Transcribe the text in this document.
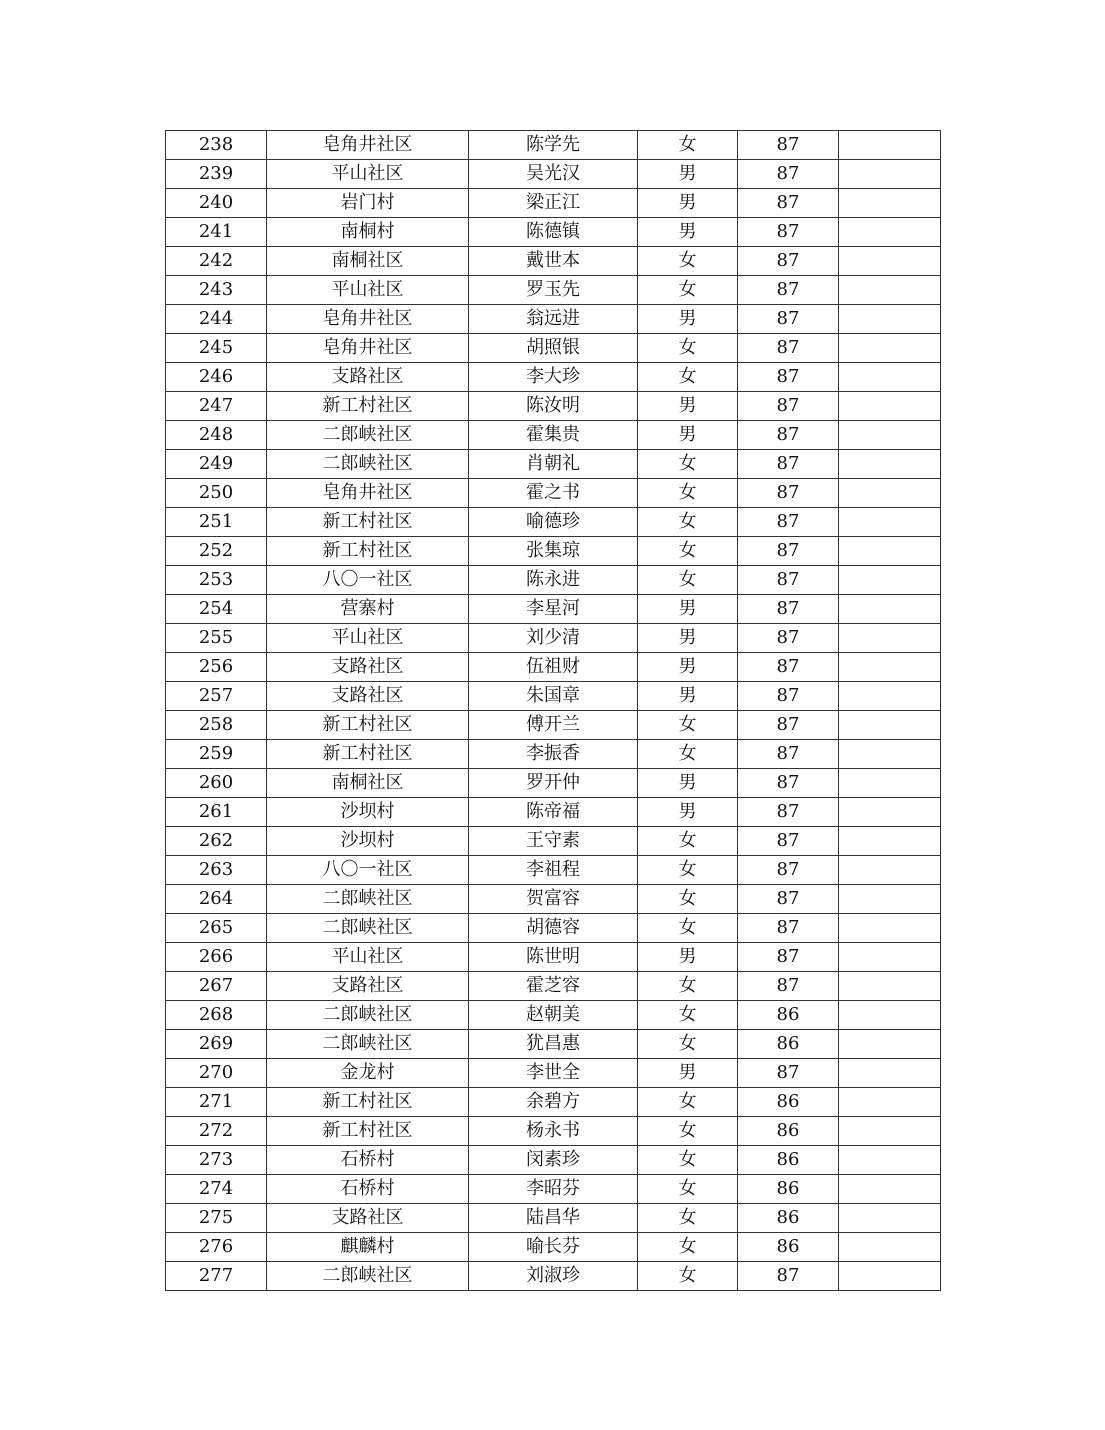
238	皂角井社区	陈学先	女	87	
239	平山社区	吴光汉	男	87	
240	岩门村	梁正江	男	87	
241	南桐村	陈德镇	男	87	
242	南桐社区	戴世本	女	87	
243	平山社区	罗玉先	女	87	
244	皂角井社区	翁远进	男	87	
245	皂角井社区	胡照银	女	87	
246	支路社区	李大珍	女	87	
247	新工村社区	陈汝明	男	87	
248	二郎峡社区	霍集贵	男	87	
249	二郎峡社区	肖朝礼	女	87	
250	皂角井社区	霍之书	女	87	
251	新工村社区	喻德珍	女	87	
252	新工村社区	张集琼	女	87	
253	八〇一社区	陈永进	女	87	
254	营寨村	李星河	男	87	
255	平山社区	刘少清	男	87	
256	支路社区	伍祖财	男	87	
257	支路社区	朱国章	男	87	
258	新工村社区	傅开兰	女	87	
259	新工村社区	李振香	女	87	
260	南桐社区	罗开仲	男	87	
261	沙坝村	陈帝福	男	87	
262	沙坝村	王守素	女	87	
263	八〇一社区	李祖程	女	87	
264	二郎峡社区	贺富容	女	87	
265	二郎峡社区	胡德容	女	87	
266	平山社区	陈世明	男	87	
267	支路社区	霍芝容	女	87	
268	二郎峡社区	赵朝美	女	86	
269	二郎峡社区	犹昌惠	女	86	
270	金龙村	李世全	男	87	
271	新工村社区	余碧方	女	86	
272	新工村社区	杨永书	女	86	
273	石桥村	闵素珍	女	86	
274	石桥村	李昭芬	女	86	
275	支路社区	陆昌华	女	86	
276	麒麟村	喻长芬	女	86	
277	二郎峡社区	刘淑珍	女	87	
